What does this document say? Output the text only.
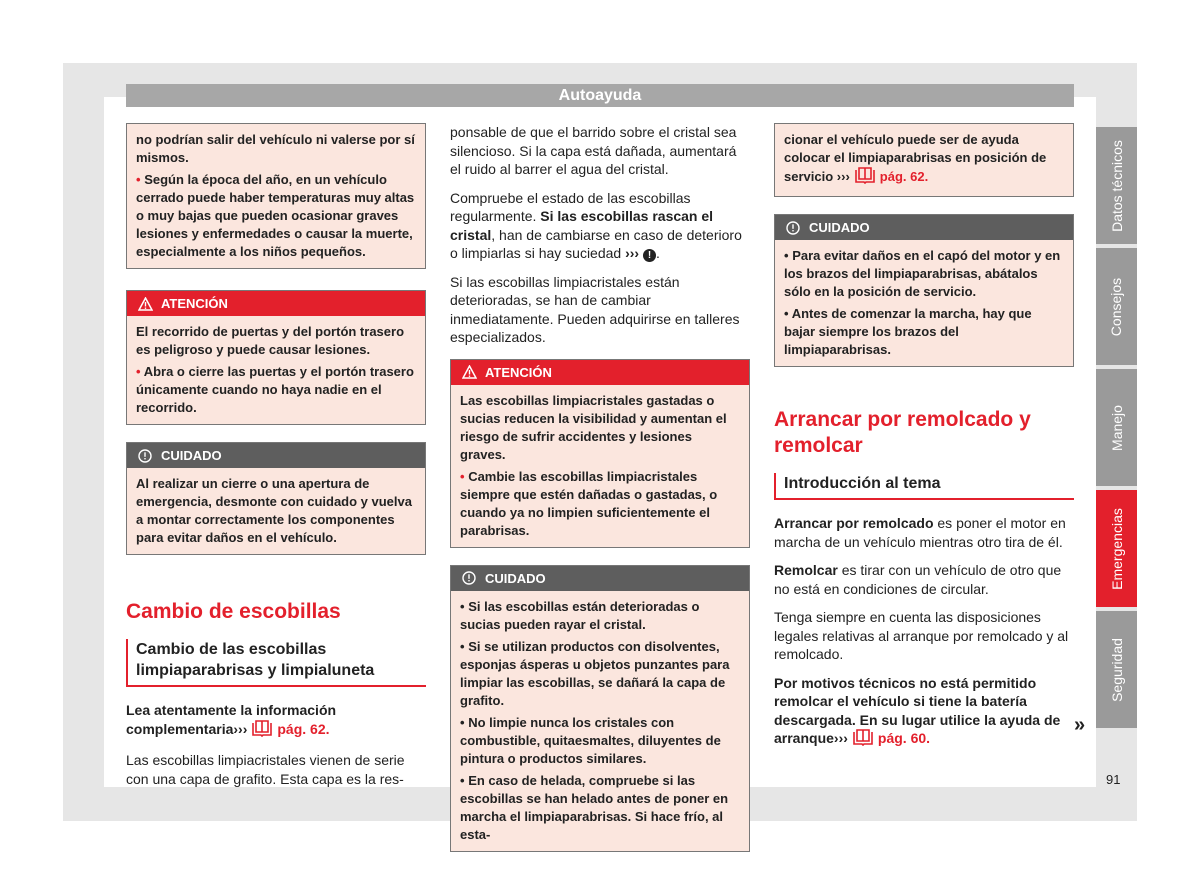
Autoayuda

no podrían salir del vehículo ni valerse por sí mismos.

• Según la época del año, en un vehículo cerrado puede haber temperaturas muy altas o muy bajas que pueden ocasionar graves lesiones y enfermedades o causar la muerte, especialmente a los niños pequeños.

ATENCIÓN

El recorrido de puertas y del portón trasero es peligroso y puede causar lesiones.

• Abra o cierre las puertas y el portón trasero únicamente cuando no haya nadie en el recorrido.

CUIDADO

Al realizar un cierre o una apertura de emergencia, desmonte con cuidado y vuelva a montar correctamente los componentes para evitar daños en el vehículo.

Cambio de escobillas
Cambio de las escobillas limpiaparabrisas y limpialuneta

Lea atentamente la información complementaria››› pág. 62.

Las escobillas limpiacristales vienen de serie con una capa de grafito. Esta capa es la res-

ponsable de que el barrido sobre el cristal sea silencioso. Si la capa está dañada, aumentará el ruido al barrer el agua del cristal.

Compruebe el estado de las escobillas regularmente. Si las escobillas rascan el cristal, han de cambiarse en caso de deterioro o limpiarlas si hay suciedad ››› ! .

Si las escobillas limpiacristales están deterioradas, se han de cambiar inmediatamente. Pueden adquirirse en talleres especializados.

ATENCIÓN

Las escobillas limpiacristales gastadas o sucias reducen la visibilidad y aumentan el riesgo de sufrir accidentes y lesiones graves.

• Cambie las escobillas limpiacristales siempre que estén dañadas o gastadas, o cuando ya no limpien suficientemente el parabrisas.

CUIDADO

• Si las escobillas están deterioradas o sucias pueden rayar el cristal.

• Si se utilizan productos con disolventes, esponjas ásperas u objetos punzantes para limpiar las escobillas, se dañará la capa de grafito.

• No limpie nunca los cristales con combustible, quitaesmaltes, diluyentes de pintura o productos similares.

• En caso de helada, compruebe si las escobillas se han helado antes de poner en marcha el limpiaparabrisas. Si hace frío, al esta-

cionar el vehículo puede ser de ayuda colocar el limpiaparabrisas en posición de servicio ››› pág. 62.

CUIDADO

• Para evitar daños en el capó del motor y en los brazos del limpiaparabrisas, abátalos sólo en la posición de servicio.

• Antes de comenzar la marcha, hay que bajar siempre los brazos del limpiaparabrisas.

Arrancar por remolcado y remolcar
Introducción al tema

Arrancar por remolcado es poner el motor en marcha de un vehículo mientras otro tira de él.

Remolcar es tirar con un vehículo de otro que no está en condiciones de circular.

Tenga siempre en cuenta las disposiciones legales relativas al arranque por remolcado y al remolcado.

Por motivos técnicos no está permitido remolcar el vehículo si tiene la batería descargada. En su lugar utilice la ayuda de arranque››› pág. 60.

»
Datos técnicos
Consejos
Manejo
Emergencias
Seguridad
91
